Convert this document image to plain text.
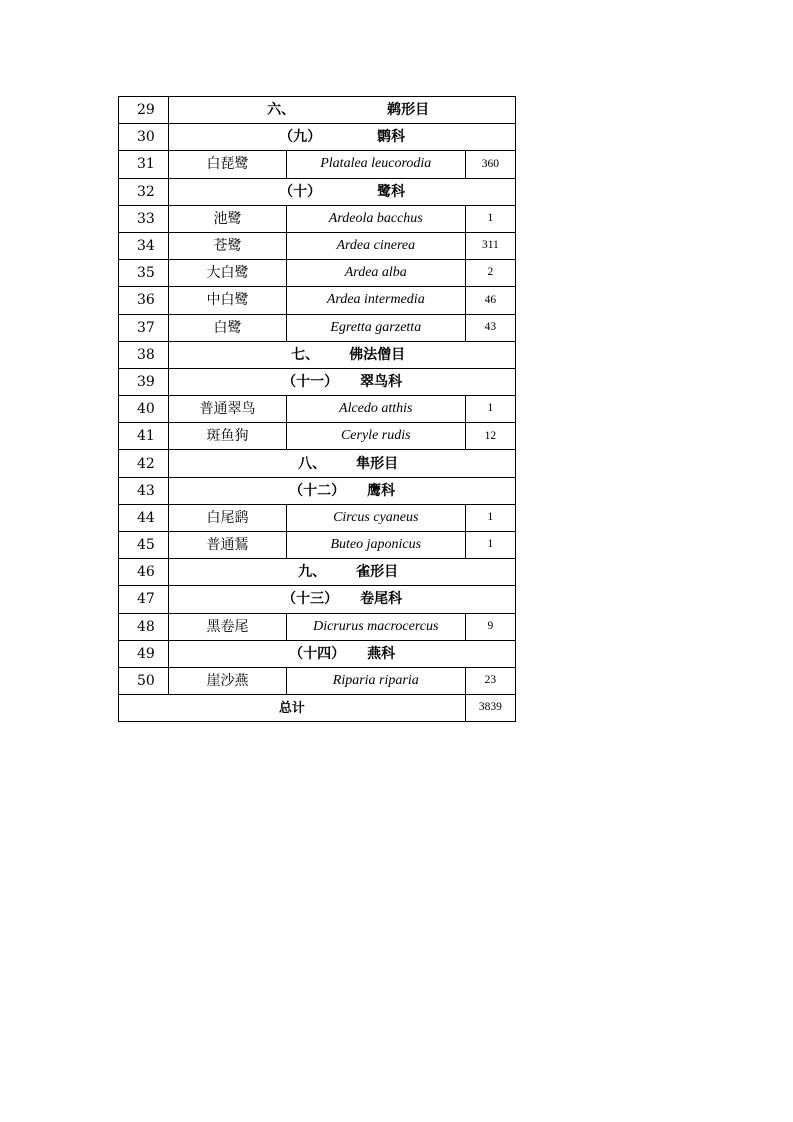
29	六、 鹈形目		
30	（九） 鹮科		
31	白琵鹭	Platalea leucorodia	360
32	（十） 鹭科		
33	池鹭	Ardeola bacchus	1
34	苍鹭	Ardea cinerea	311
35	大白鹭	Ardea alba	2
36	中白鹭	Ardea intermedia	46
37	白鹭	Egretta garzetta	43
38	七、 佛法僧目		
39	（十一） 翠鸟科		
40	普通翠鸟	Alcedo atthis	1
41	斑鱼狗	Ceryle rudis	12
42	八、 隼形目		
43	（十二） 鹰科		
44	白尾鹞	Circus cyaneus	1
45	普通鵟	Buteo japonicus	1
46	九、 雀形目		
47	（十三） 卷尾科		
48	黑卷尾	Dicrurus macrocercus	9
49	（十四） 燕科		
50	崖沙燕	Riparia riparia	23
总计			3839
